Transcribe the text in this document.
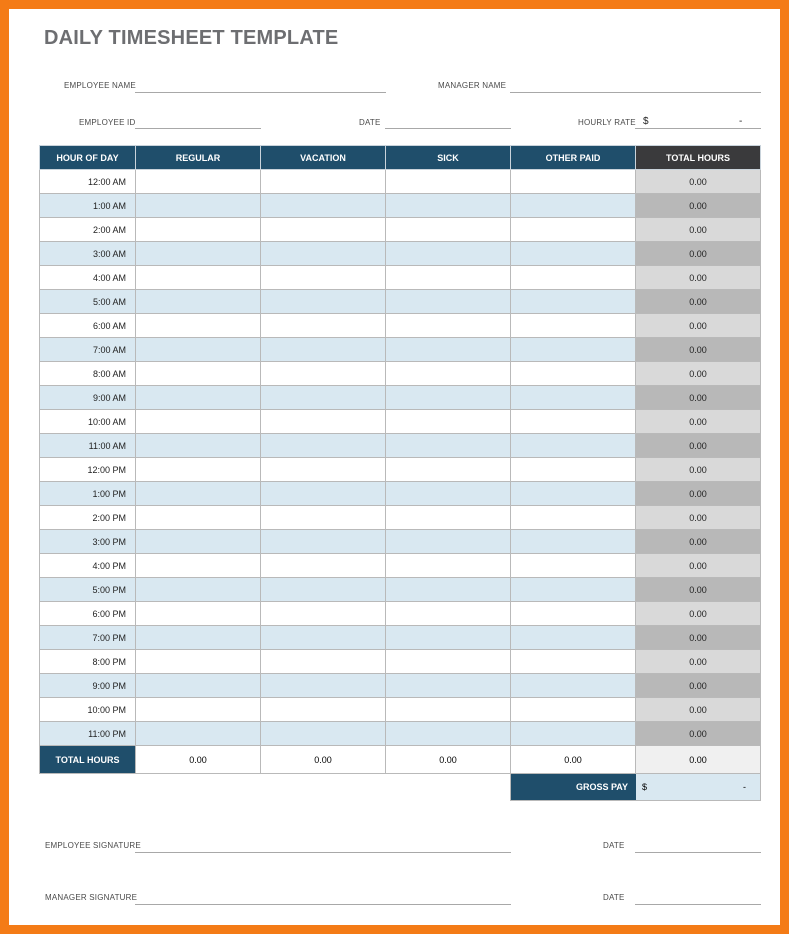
DAILY TIMESHEET TEMPLATE
EMPLOYEE NAME	MANAGER NAME
EMPLOYEE ID	DATE	HOURLY RATE $	-
HOUR OF DAY	REGULAR	VACATION	SICK	OTHER PAID	TOTAL HOURS
12:00 AM					0.00
1:00 AM					0.00
2:00 AM					0.00
3:00 AM					0.00
4:00 AM					0.00
5:00 AM					0.00
6:00 AM					0.00
7:00 AM					0.00
8:00 AM					0.00
9:00 AM					0.00
10:00 AM					0.00
11:00 AM					0.00
12:00 PM					0.00
1:00 PM					0.00
2:00 PM					0.00
3:00 PM					0.00
4:00 PM					0.00
5:00 PM					0.00
6:00 PM					0.00
7:00 PM					0.00
8:00 PM					0.00
9:00 PM					0.00
10:00 PM					0.00
11:00 PM					0.00
TOTAL HOURS	0.00	0.00	0.00	0.00	0.00
GROSS PAY	$	-
EMPLOYEE SIGNATURE	DATE
MANAGER SIGNATURE	DATE
